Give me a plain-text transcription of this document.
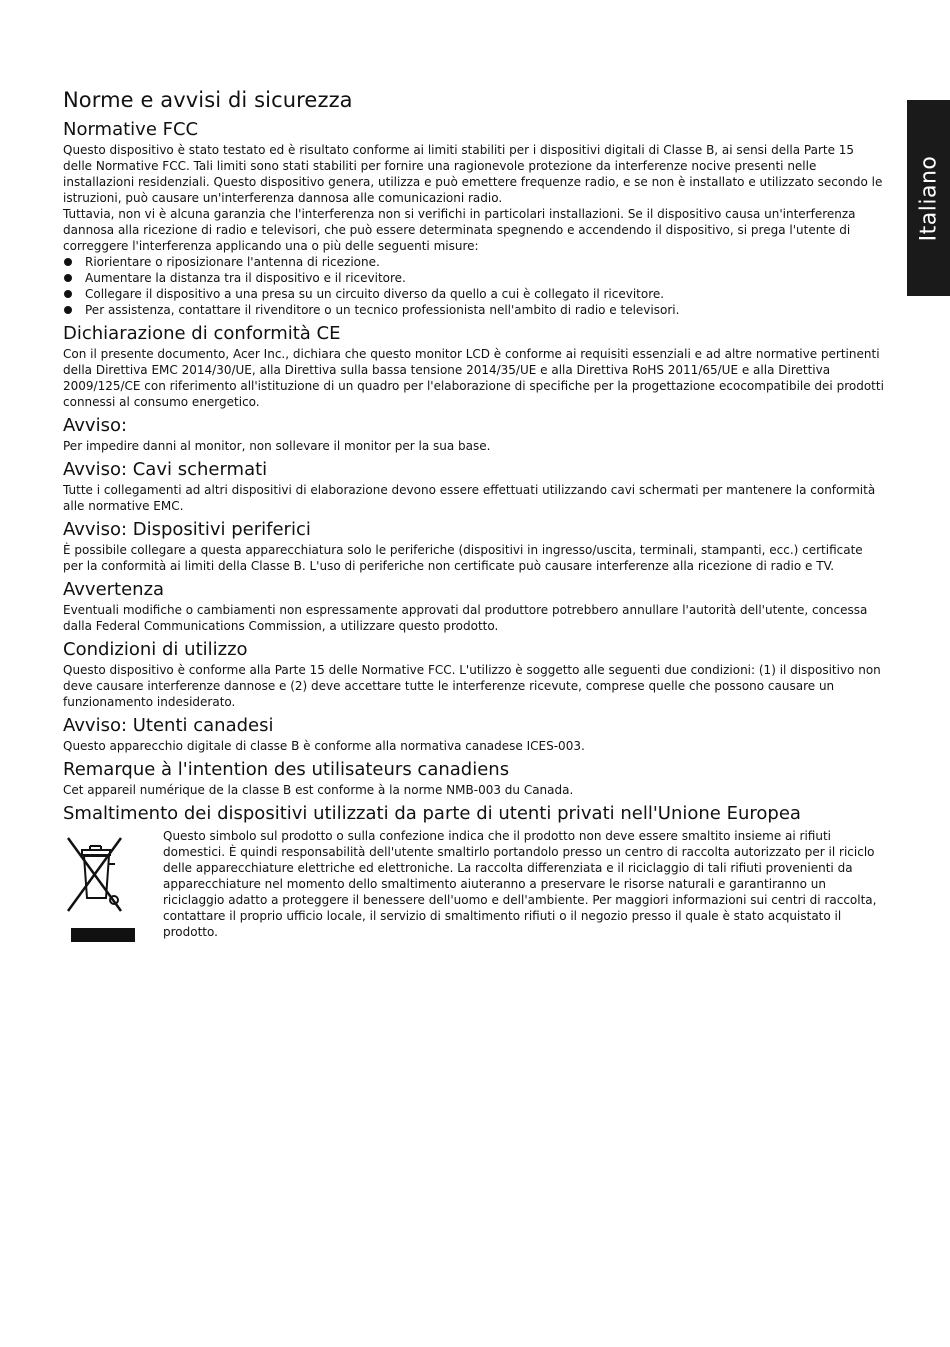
Italiano
Norme e avvisi di sicurezza
Normative FCC

Questo dispositivo è stato testato ed è risultato conforme ai limiti stabiliti per i dispositivi digitali di Classe B, ai sensi della Parte 15 delle Normative FCC. Tali limiti sono stati stabiliti per fornire una ragionevole protezione da interferenze nocive presenti nelle installazioni residenziali. Questo dispositivo genera, utilizza e può emettere frequenze radio, e se non è installato e utilizzato secondo le istruzioni, può causare un'interferenza dannosa alle comunicazioni radio.

Tuttavia, non vi è alcuna garanzia che l'interferenza non si verifichi in particolari installazioni. Se il dispositivo causa un'interferenza dannosa alla ricezione di radio e televisori, che può essere determinata spegnendo e accendendo il dispositivo, si prega l'utente di correggere l'interferenza applicando una o più delle seguenti misure:

Riorientare o riposizionare l'antenna di ricezione.
Aumentare la distanza tra il dispositivo e il ricevitore.
Collegare il dispositivo a una presa su un circuito diverso da quello a cui è collegato il ricevitore.
Per assistenza, contattare il rivenditore o un tecnico professionista nell'ambito di radio e televisori.
Dichiarazione di conformità CE

Con il presente documento, Acer Inc., dichiara che questo monitor LCD è conforme ai requisiti essenziali e ad altre normative pertinenti della Direttiva EMC 2014/30/UE, alla Direttiva sulla bassa tensione 2014/35/UE e alla Direttiva RoHS 2011/65/UE e alla Direttiva 2009/125/CE con riferimento all'istituzione di un quadro per l'elaborazione di specifiche per la progettazione ecocompatibile dei prodotti connessi al consumo energetico.

Avviso:

Per impedire danni al monitor, non sollevare il monitor per la sua base.

Avviso: Cavi schermati

Tutte i collegamenti ad altri dispositivi di elaborazione devono essere effettuati utilizzando cavi schermati per mantenere la conformità alle normative EMC.

Avviso: Dispositivi periferici

È possibile collegare a questa apparecchiatura solo le periferiche (dispositivi in ingresso/uscita, terminali, stampanti, ecc.) certificate per la conformità ai limiti della Classe B. L'uso di periferiche non certificate può causare interferenze alla ricezione di radio e TV.

Avvertenza

Eventuali modifiche o cambiamenti non espressamente approvati dal produttore potrebbero annullare l'autorità dell'utente, concessa dalla Federal Communications Commission, a utilizzare questo prodotto.

Condizioni di utilizzo

Questo dispositivo è conforme alla Parte 15 delle Normative FCC. L'utilizzo è soggetto alle seguenti due condizioni: (1) il dispositivo non deve causare interferenze dannose e (2) deve accettare tutte le interferenze ricevute, comprese quelle che possono causare un funzionamento indesiderato.

Avviso: Utenti canadesi

Questo apparecchio digitale di classe B è conforme alla normativa canadese ICES-003.

Remarque à l'intention des utilisateurs canadiens

Cet appareil numérique de la classe B est conforme à la norme NMB-003 du Canada.

Smaltimento dei dispositivi utilizzati da parte di utenti privati nell'Unione Europea

Questo simbolo sul prodotto o sulla confezione indica che il prodotto non deve essere smaltito insieme ai rifiuti domestici. È quindi responsabilità dell'utente smaltirlo portandolo presso un centro di raccolta autorizzato per il riciclo delle apparecchiature elettriche ed elettroniche. La raccolta differenziata e il riciclaggio di tali rifiuti provenienti da apparecchiature nel momento dello smaltimento aiuteranno a preservare le risorse naturali e garantiranno un riciclaggio adatto a proteggere il benessere dell'uomo e dell'ambiente. Per maggiori informazioni sui centri di raccolta, contattare il proprio ufficio locale, il servizio di smaltimento rifiuti o il negozio presso il quale è stato acquistato il prodotto.
